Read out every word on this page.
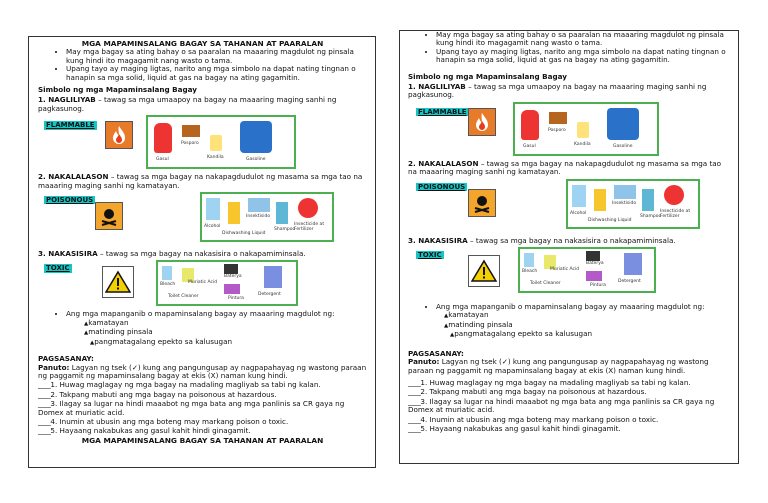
MGA MAPAMINSALANG BAGAY SA TAHANAN AT PAARALAN
• May mga bagay sa ating bahay o sa paaralan na maaaring magdulot ng pinsala kung hindi ito magagamit nang wasto o tama.
• Upang tayo ay maging ligtas, narito ang mga simbolo na dapat nating tingnan o hanapin sa mga solid, liquid at gas na bagay na ating gagamitin.
Simbolo ng mga Mapaminsalang Bagay
1. NAGLILIYAB – tawag sa mga umaapoy na bagay na maaaring maging sanhi ng pagkasunog.
FLAMMABLE
Gasul
Posporo
Kandila	Gasoline
2. NAKALALASON – tawag sa mga bagay na nakapagdudulot ng masama sa mga tao na maaaring maging sanhi ng kamatayan.
POISONOUS
Alcohol
Dishwashing Liquid
Insektisido
Shampoo
Insecticide at Fertilizer
3. NAKASISIRA – tawag sa mga bagay na nakasisira o nakapamiminsala.
TOXIC
Bleach	Muriatic Acid
Toilet Cleaner
Baterya
Pintura
Detergent
• Ang mga mapanganib o mapaminsalang bagay ay maaaring magdulot ng:
▲ kamatayan
▲ matinding pinsala
▲ pangmatagalang epekto sa kalusugan
PAGSASANAY:
Panuto: Lagyan ng tsek (✓) kung ang pangungusap ay nagpapahayag ng wastong paraan ng paggamit ng mapaminsalang bagay at ekis (X) naman kung hindi.
____1. Huwag maglagay ng mga bagay na madaling magliyab sa tabi ng kalan.
____2. Takpang mabuti ang mga bagay na poisonous at hazardous.
____3. Ilagay sa lugar na hindi maaabot ng mga bata ang mga panlinis sa CR gaya ng Domex at muriatic acid.
____4. Inumin at ubusin ang mga boteng may markang poison o toxic.
____5. Hayaang nakabukas ang gasul kahit hindi ginagamit.
MGA MAPAMINSALANG BAGAY SA TAHANAN AT PAARALAN
• May mga bagay sa ating bahay o sa paaralan na maaaring magdulot ng pinsala kung hindi ito magagamit nang wasto o tama.
• Upang tayo ay maging ligtas, narito ang mga simbolo na dapat nating tingnan o hanapin sa mga solid, liquid at gas na bagay na ating gagamitin.
Simbolo ng mga Mapaminsalang Bagay
1. NAGLILIYAB – tawag sa mga umaapoy na bagay na maaaring maging sanhi ng pagkasunog.
FLAMMABLE
Gasul
Posporo
Kandila	Gasoline
2. NAKALALASON – tawag sa mga bagay na nakapagdudulot ng masama sa mga tao na maaaring maging sanhi ng kamatayan.
POISONOUS
Alcohol
Dishwashing Liquid
Insektisido
Shampoo
Insecticide at Fertilizer
3. NAKASISIRA – tawag sa mga bagay na nakasisira o nakapamiminsala.
TOXIC
Bleach	Muriatic Acid
Toilet Cleaner
Baterya
Pintura
Detergent
• Ang mga mapanganib o mapaminsalang bagay ay maaaring magdulot ng:
▲ kamatayan
▲ matinding pinsala
▲ pangmatagalang epekto sa kalusugan
PAGSASANAY:
Panuto: Lagyan ng tsek (✓) kung ang pangungusap ay nagpapahayag ng wastong paraan ng paggamit ng mapaminsalang bagay at ekis (X) naman kung hindi.
____1. Huwag maglagay ng mga bagay na madaling magliyab sa tabi ng kalan.
____2. Takpang mabuti ang mga bagay na poisonous at hazardous.
____3. Ilagay sa lugar na hindi maaabot ng mga bata ang mga panlinis sa CR gaya ng Domex at muriatic acid.
____4. Inumin at ubusin ang mga boteng may markang poison o toxic.
____5. Hayaang nakabukas ang gasul kahit hindi ginagamit.
